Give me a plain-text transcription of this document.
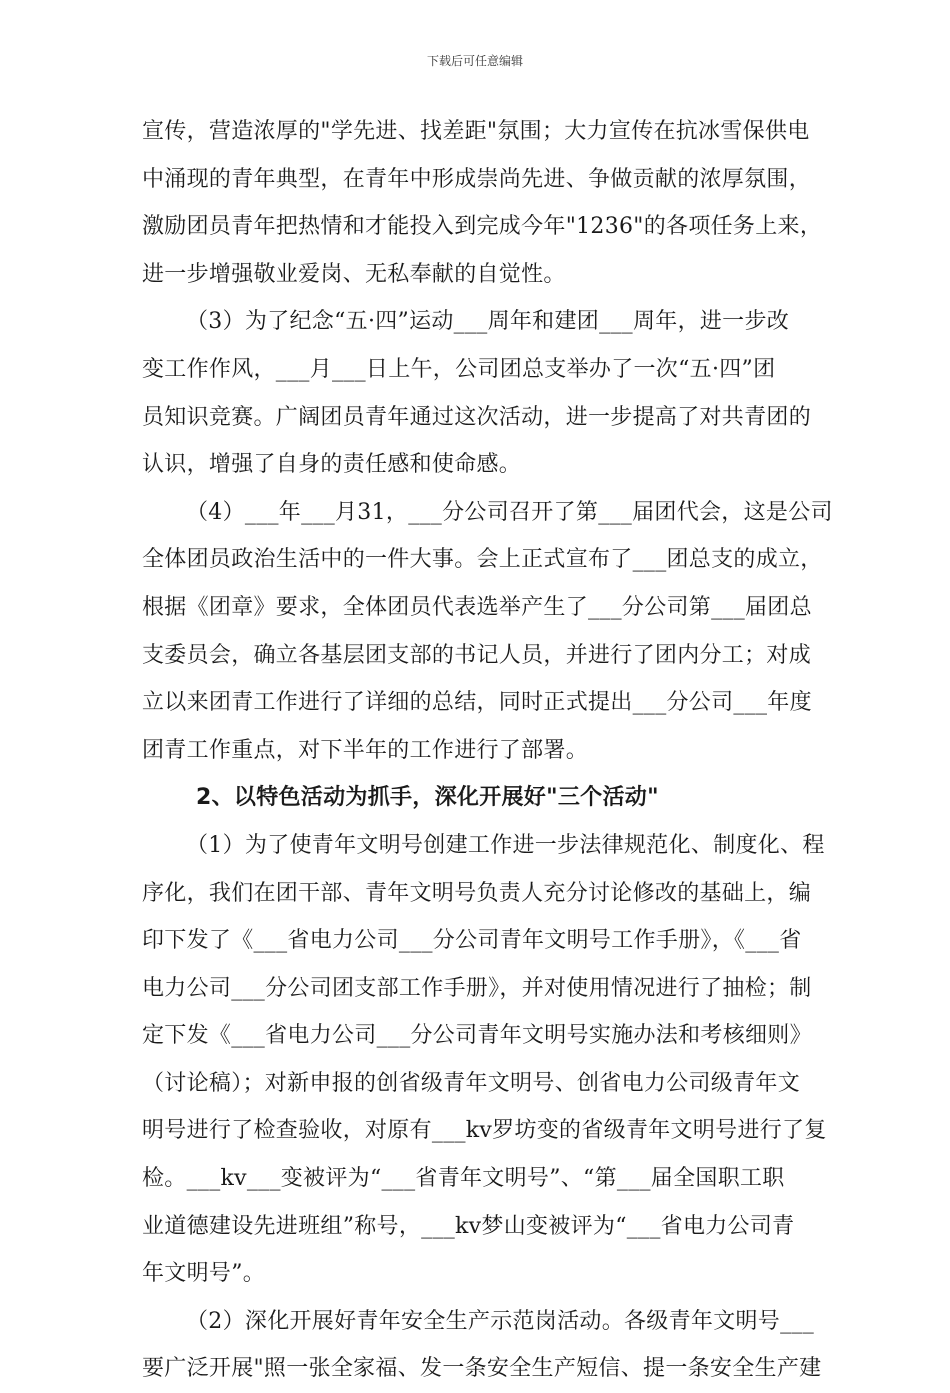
下载后可任意编辑
宣传，营造浓厚的"学先进、找差距"氛围；大力宣传在抗冰雪保供电
中涌现的青年典型，在青年中形成崇尚先进、争做贡献的浓厚氛围，
激励团员青年把热情和才能投入到完成今年"1236"的各项任务上来，
进一步增强敬业爱岗、无私奉献的自觉性。
（3）为了纪念“五·四”运动___周年和建团___周年，进一步改
变工作作风，___月___日上午，公司团总支举办了一次“五·四”团
员知识竞赛。广阔团员青年通过这次活动，进一步提高了对共青团的
认识，增强了自身的责任感和使命感。
（4）___年___月31，___分公司召开了第___届团代会，这是公司
全体团员政治生活中的一件大事。会上正式宣布了___团总支的成立，
根据《团章》要求，全体团员代表选举产生了___分公司第___届团总
支委员会，确立各基层团支部的书记人员，并进行了团内分工；对成
立以来团青工作进行了详细的总结，同时正式提出___分公司___年度
团青工作重点，对下半年的工作进行了部署。
2、以特色活动为抓手，深化开展好"三个活动"
（1）为了使青年文明号创建工作进一步法律规范化、制度化、程
序化，我们在团干部、青年文明号负责人充分讨论修改的基础上，编
印下发了《___省电力公司___分公司青年文明号工作手册》，《___省
电力公司___分公司团支部工作手册》，并对使用情况进行了抽检；制
定下发《___省电力公司___分公司青年文明号实施办法和考核细则》
（讨论稿）；对新申报的创省级青年文明号、创省电力公司级青年文
明号进行了检查验收，对原有___kv罗坊变的省级青年文明号进行了复
检。___kv___变被评为“___省青年文明号”、“第___届全国职工职
业道德建设先进班组”称号，___kv梦山变被评为“___省电力公司青
年文明号”。
（2）深化开展好青年安全生产示范岗活动。各级青年文明号___
要广泛开展"照一张全家福、发一条安全生产短信、提一条安全生产建
